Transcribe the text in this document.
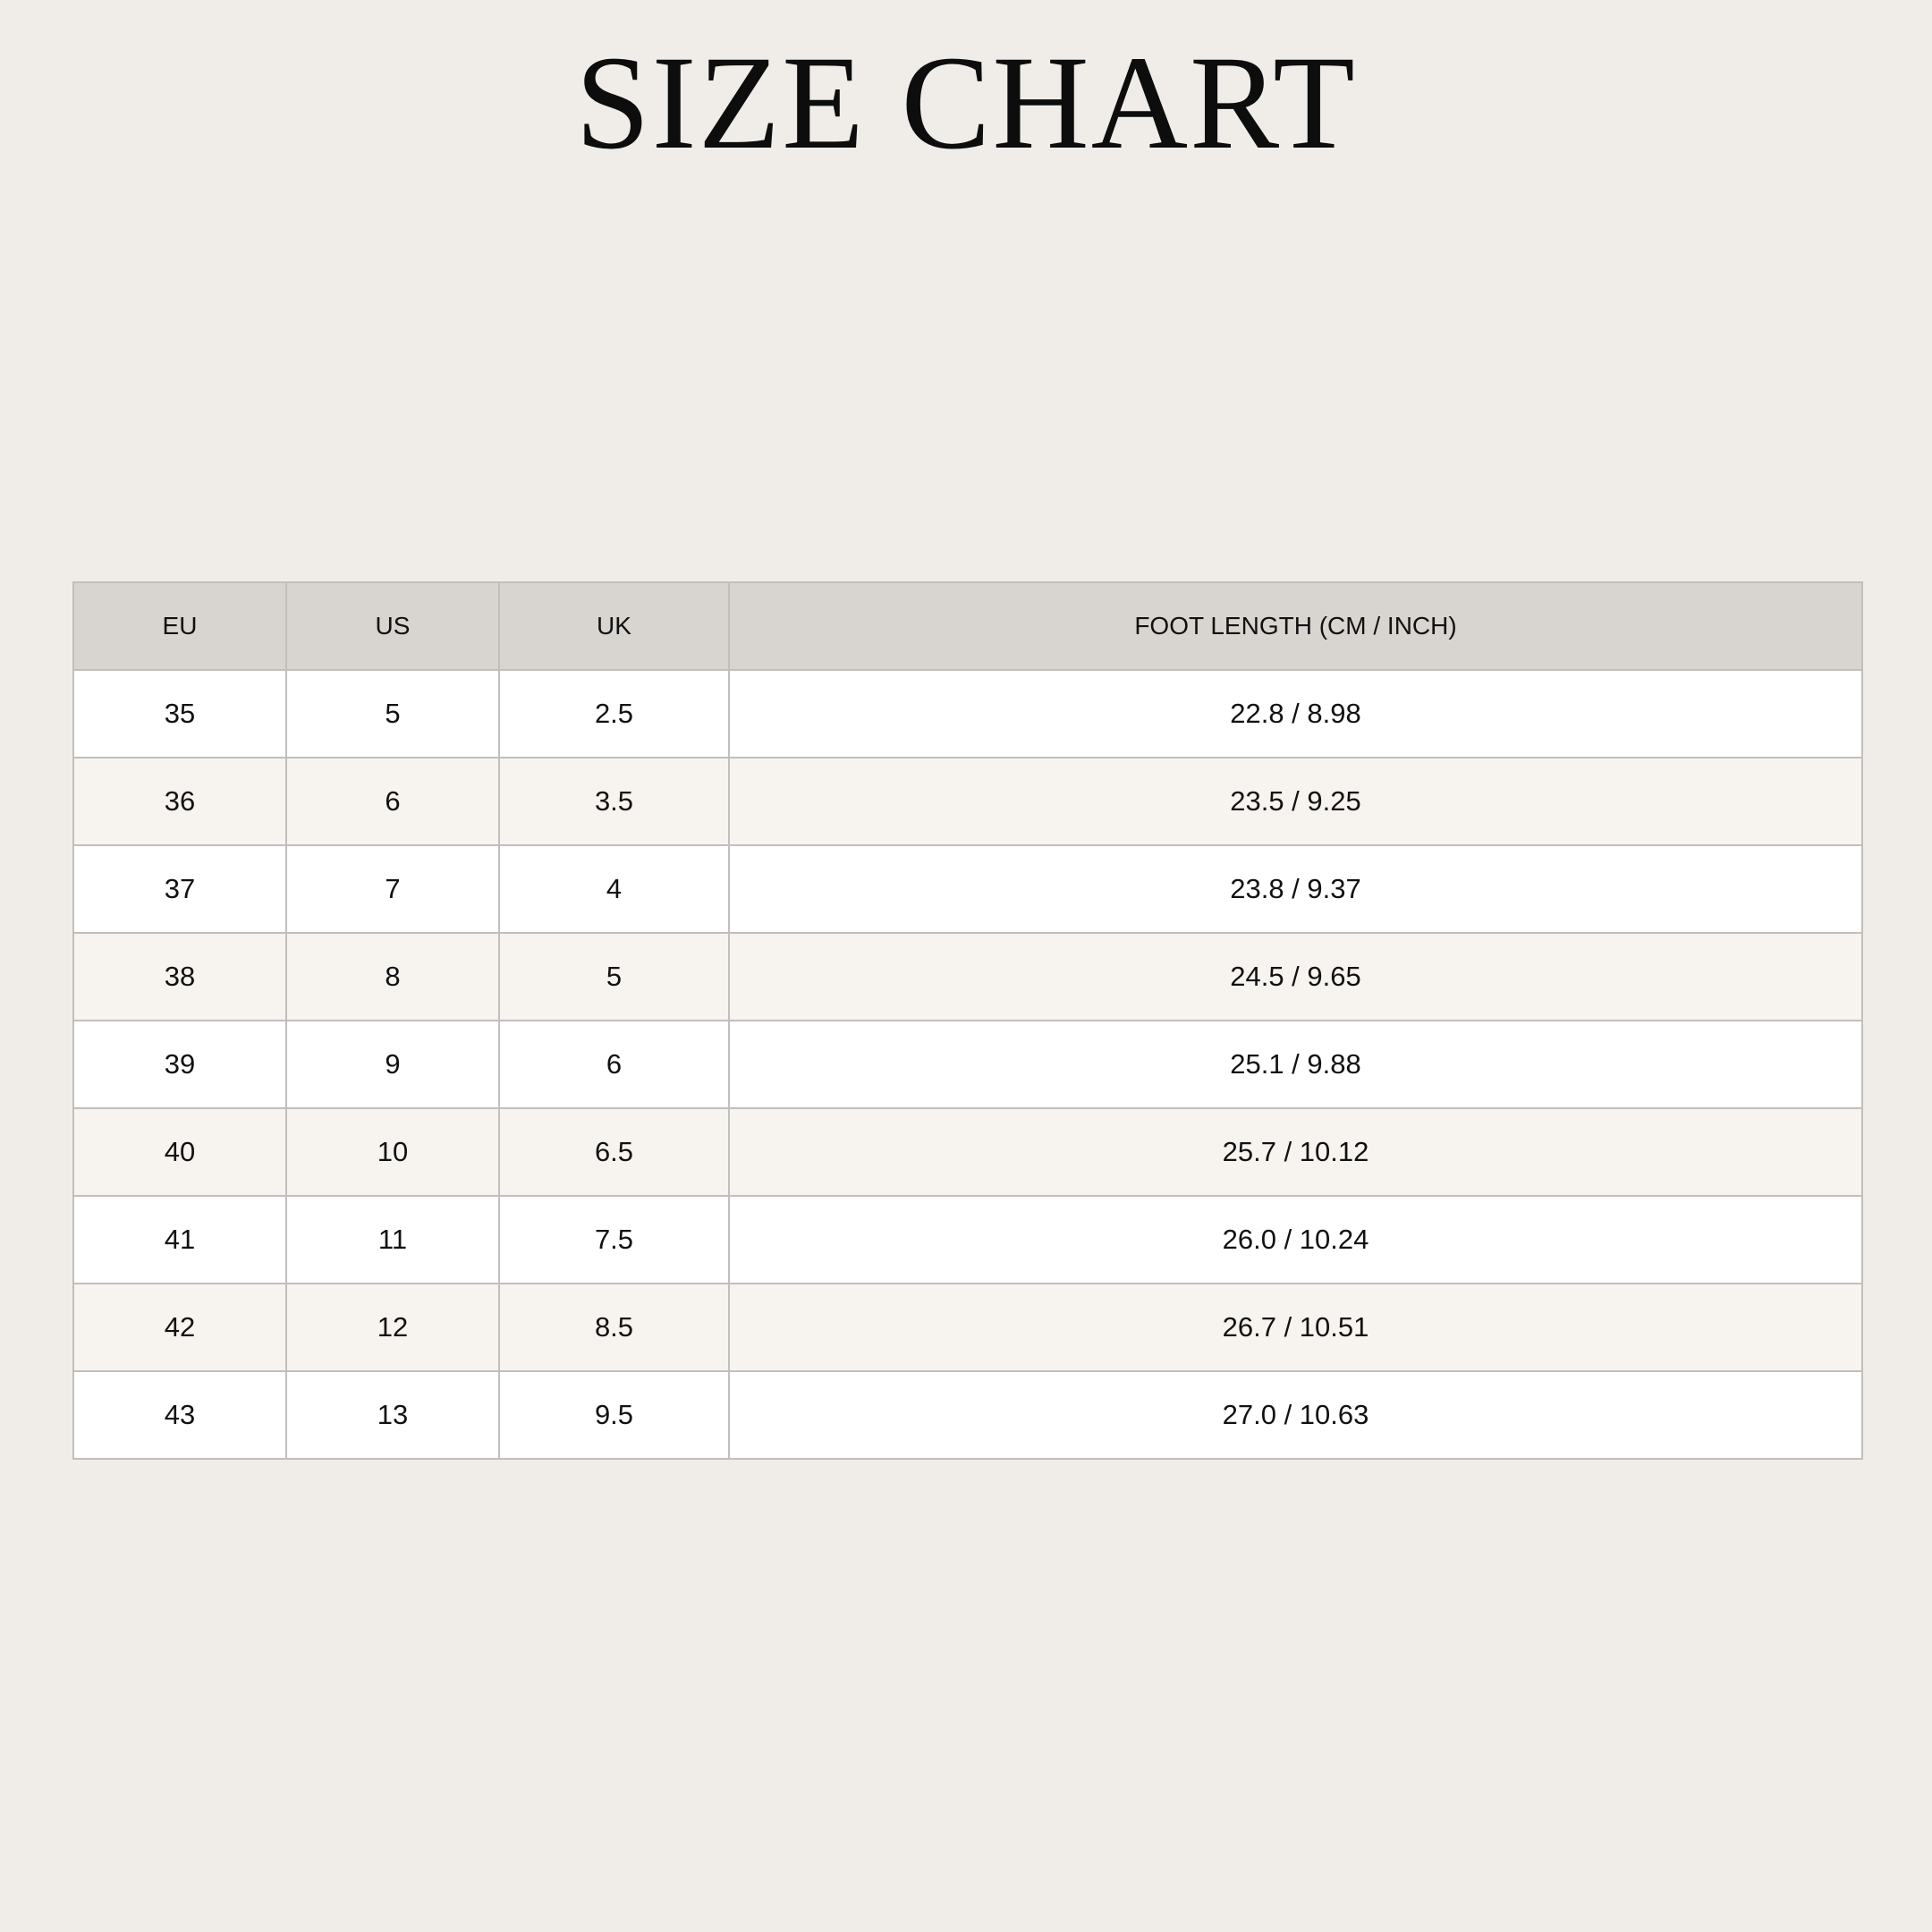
SIZE CHART
EU	US	UK	FOOT LENGTH (CM / INCH)
35	5	2.5	22.8 / 8.98
36	6	3.5	23.5 / 9.25
37	7	4	23.8 / 9.37
38	8	5	24.5 / 9.65
39	9	6	25.1 / 9.88
40	10	6.5	25.7 / 10.12
41	11	7.5	26.0 / 10.24
42	12	8.5	26.7 / 10.51
43	13	9.5	27.0 / 10.63
